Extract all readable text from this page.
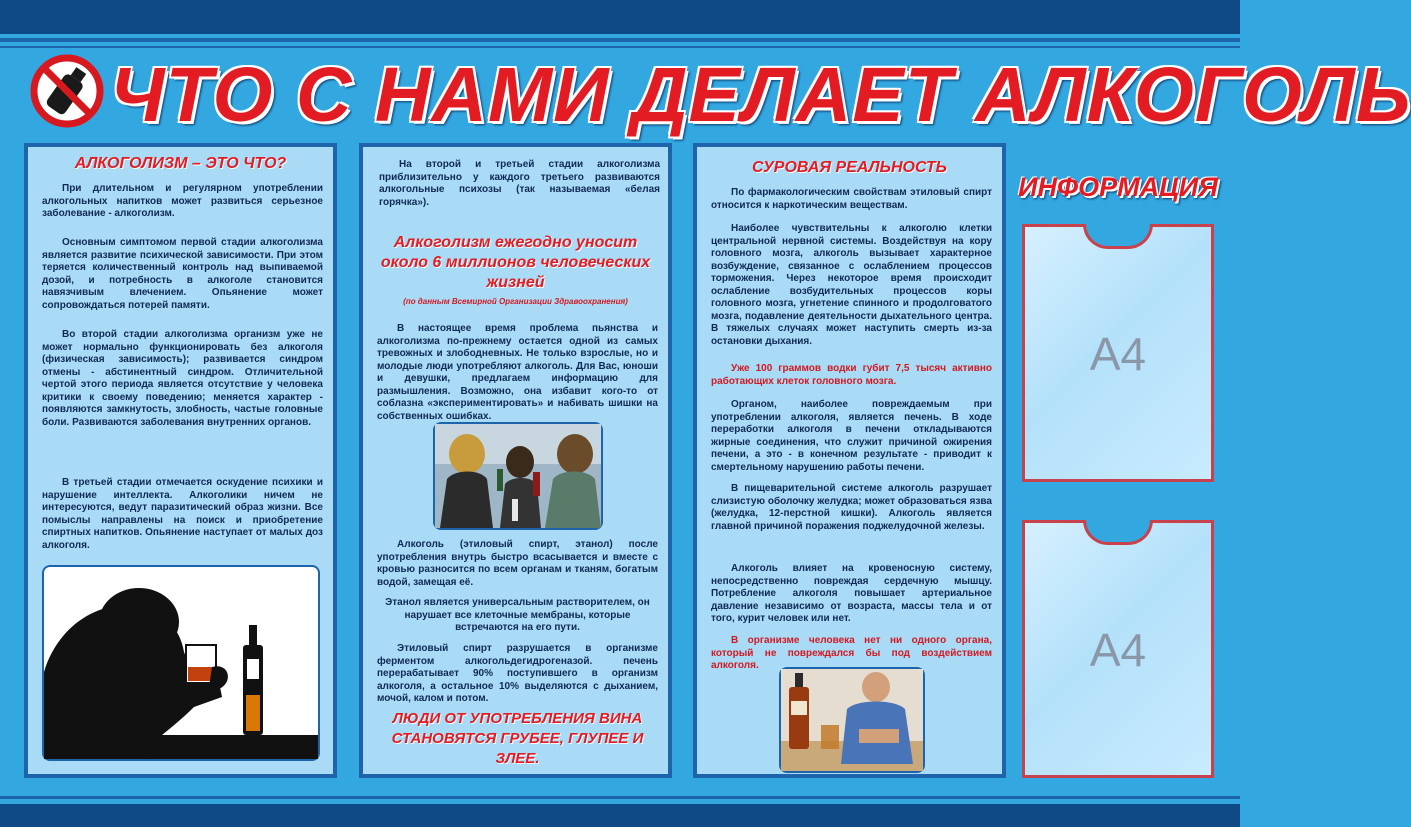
ЧТО С НАМИ ДЕЛАЕТ АЛКОГОЛЬ
АЛКОГОЛИЗМ – ЭТО ЧТО?

При длительном и регулярном употреблении алкогольных напитков может развиться серьезное заболевание - алкоголизм.

Основным симптомом первой стадии алкоголизма является развитие психической зависимости. При этом теряется количественный контроль над выпиваемой дозой, и потребность в алкоголе становится навязчивым влечением. Опьянение может сопровождаться потерей памяти.

Во второй стадии алкоголизма организм уже не может нормально функционировать без алкоголя (физическая зависимость); развивается синдром отмены - абстинентный синдром. Отличительной чертой этого периода является отсутствие у человека критики к своему поведению; меняется характер - появляются замкнутость, злобность, частые головные боли. Развиваются заболевания внутренних органов.

В третьей стадии отмечается оскудение психики и нарушение интеллекта. Алкоголики ничем не интересуются, ведут паразитический образ жизни. Все помыслы направлены на поиск и приобретение спиртных напитков. Опьянение наступает от малых доз алкоголя.

На второй и третьей стадии алкоголизма приблизительно у каждого третьего развиваются алкогольные психозы (так называемая «белая горячка»).

Алкоголизм ежегодно уносит около 6 миллионов человеческих жизней

(по данным Всемирной Организации Здравоохранения)

В настоящее время проблема пьянства и алкоголизма по-прежнему остается одной из самых тревожных и злободневных. Не только взрослые, но и молодые люди употребляют алкоголь. Для Вас, юноши и девушки, предлагаем информацию для размышления. Возможно, она избавит кого-то от соблазна «экспериментировать» и набивать шишки на собственных ошибках.

Алкоголь (этиловый спирт, этанол) после употребления внутрь быстро всасывается и вместе с кровью разносится по всем органам и тканям, богатым водой, замещая её.

Этанол является универсальным растворителем, он нарушает все клеточные мембраны, которые встречаются на его пути.

Этиловый спирт разрушается в организме ферментом алкогольдегидрогеназой. печень перерабатывает 90% поступившего в организм алкоголя, а остальное 10% выделяются с дыханием, мочой, калом и потом.

ЛЮДИ ОТ УПОТРЕБЛЕНИЯ ВИНА СТАНОВЯТСЯ ГРУБЕЕ, ГЛУПЕЕ И ЗЛЕЕ.
СУРОВАЯ РЕАЛЬНОСТЬ

По фармакологическим свойствам этиловый спирт относится к наркотическим веществам.

Наиболее чувствительны к алкоголю клетки центральной нервной системы. Воздействуя на кору головного мозга, алкоголь вызывает характерное возбуждение, связанное с ослаблением процессов торможения. Через некоторое время происходит ослабление возбудительных процессов коры головного мозга, угнетение спинного и продолговатого мозга, подавление деятельности дыхательного центра. В тяжелых случаях может наступить смерть из-за остановки дыхания.

Уже 100 граммов водки губит 7,5 тысяч активно работающих клеток головного мозга.

Органом, наиболее повреждаемым при употреблении алкоголя, является печень. В ходе переработки алкоголя в печени откладываются жирные соединения, что служит причиной ожирения печени, а это - в конечном результате - приводит к смертельному нарушению работы печени.

В пищеварительной системе алкоголь разрушает слизистую оболочку желудка; может образоваться язва (желудка, 12-перстной кишки). Алкоголь является главной причиной поражения поджелудочной железы.

Алкоголь влияет на кровеносную систему, непосредственно повреждая сердечную мышцу. Потребление алкоголя повышает артериальное давление независимо от возраста, массы тела и от того, курит человек или нет.

В организме человека нет ни одного органа, который не повреждался бы под воздействием алкоголя.

ИНФОРМАЦИЯ
А4
А4
